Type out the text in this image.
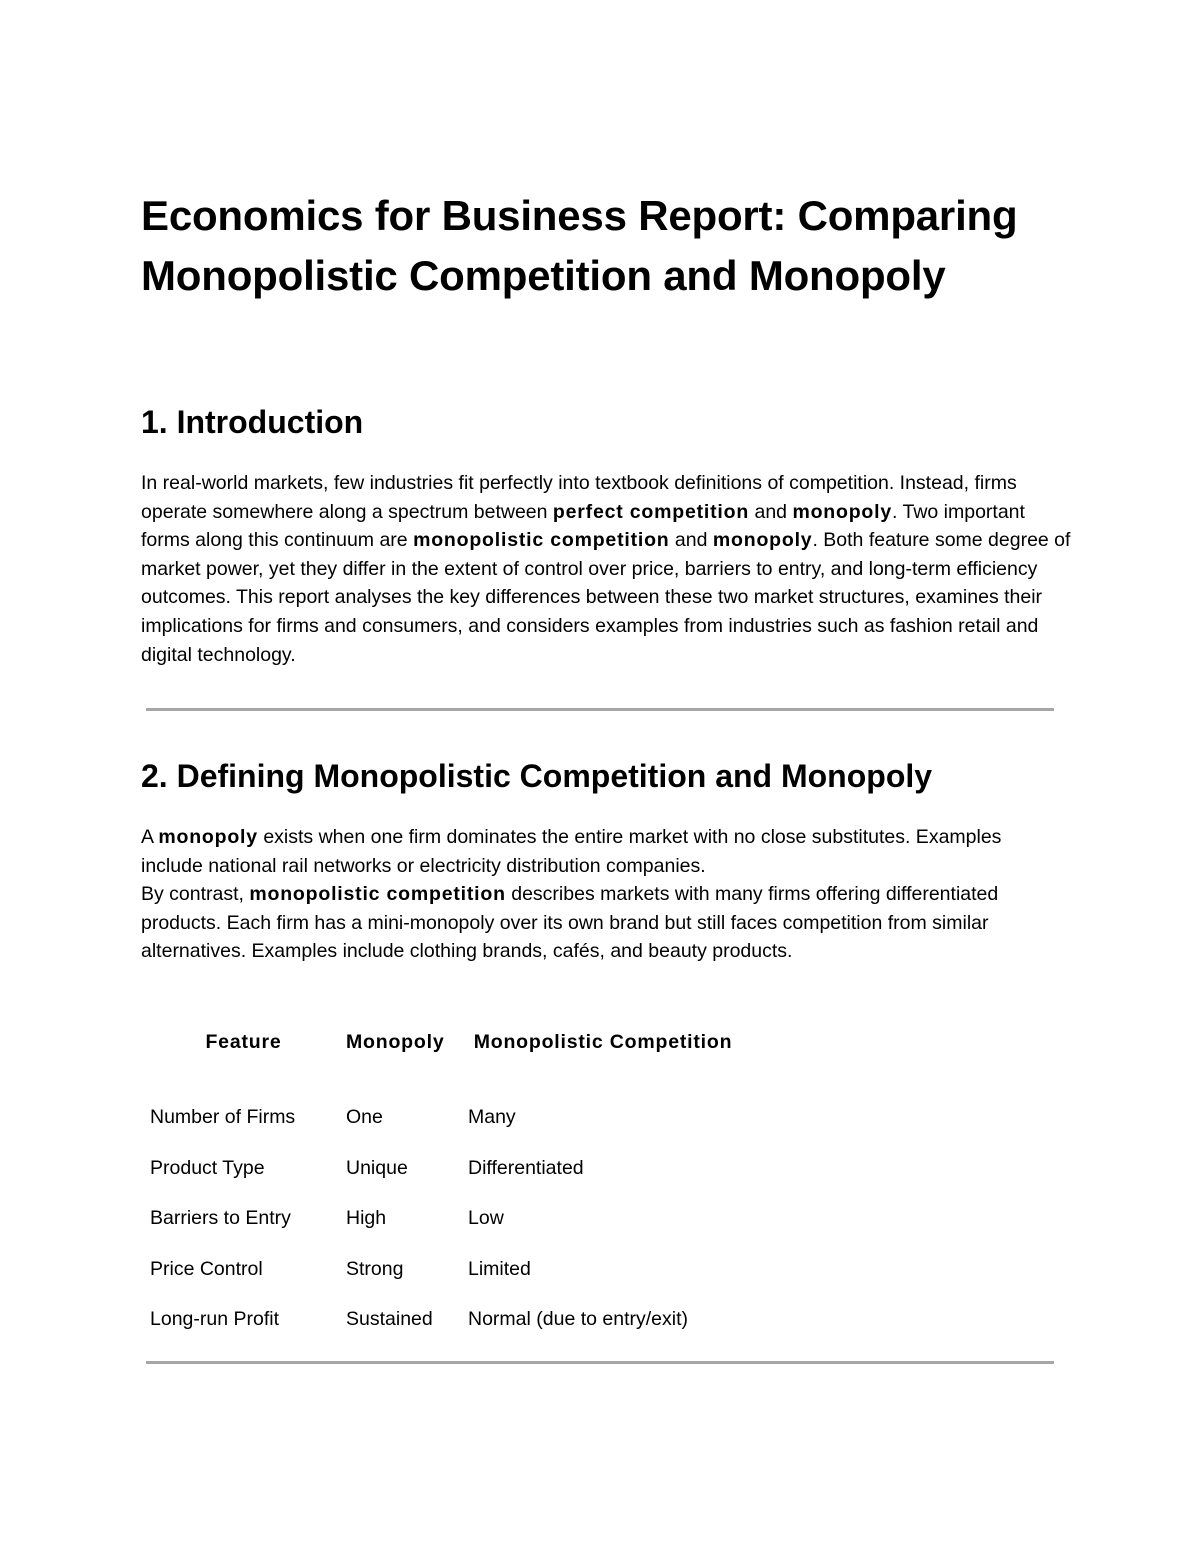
Economics for Business Report: Comparing Monopolistic Competition and Monopoly
1. Introduction

In real-world markets, few industries fit perfectly into textbook definitions of competition. Instead, firms operate somewhere along a spectrum between perfect competition and monopoly. Two important forms along this continuum are monopolistic competition and monopoly. Both feature some degree of market power, yet they differ in the extent of control over price, barriers to entry, and long-term efficiency outcomes. This report analyses the key differences between these two market structures, examines their implications for firms and consumers, and considers examples from industries such as fashion retail and digital technology.

2. Defining Monopolistic Competition and Monopoly

A monopoly exists when one firm dominates the entire market with no close substitutes. Examples include national rail networks or electricity distribution companies.
By contrast, monopolistic competition describes markets with many firms offering differentiated products. Each firm has a mini-monopoly over its own brand but still faces competition from similar alternatives. Examples include clothing brands, cafés, and beauty products.

Feature	Monopoly	Monopolistic Competition
Number of Firms	One	Many
Product Type	Unique	Differentiated
Barriers to Entry	High	Low
Price Control	Strong	Limited
Long-run Profit	Sustained	Normal (due to entry/exit)
